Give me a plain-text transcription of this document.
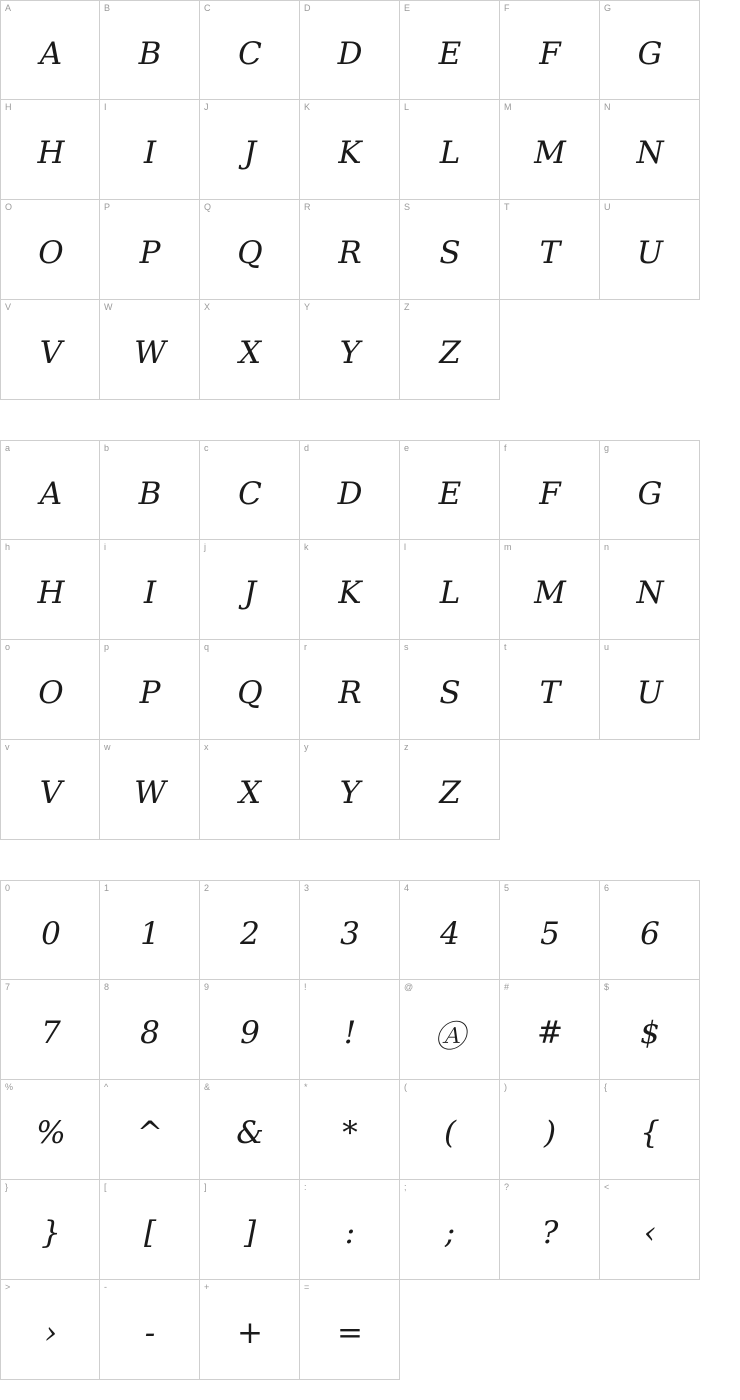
A
A
B
B
C
C
D
D
E
E
F
F
G
G
H
H
I
I
J
J
K
K
L
L
M
M
N
N
O
O
P
P
Q
Q
R
R
S
S
T
T
U
U
V
V
W
W
X
X
Y
Y
Z
Z
a
A
b
B
c
C
d
D
e
E
f
F
g
G
h
H
i
I
j
J
k
K
l
L
m
M
n
N
o
O
p
P
q
Q
r
R
s
S
t
T
u
U
v
V
w
W
x
X
y
Y
z
Z
0
0
1
1
2
2
3
3
4
4
5
5
6
6
7
7
8
8
9
9
!
!
@
Ⓐ
#
#
$
$
%
%
^
^
&
&
*
*
(
(
)
)
{
{
}
}
[
[
]
]
:
:
;
;
?
?
<
‹
>
›
-
-
+
+
=
=
